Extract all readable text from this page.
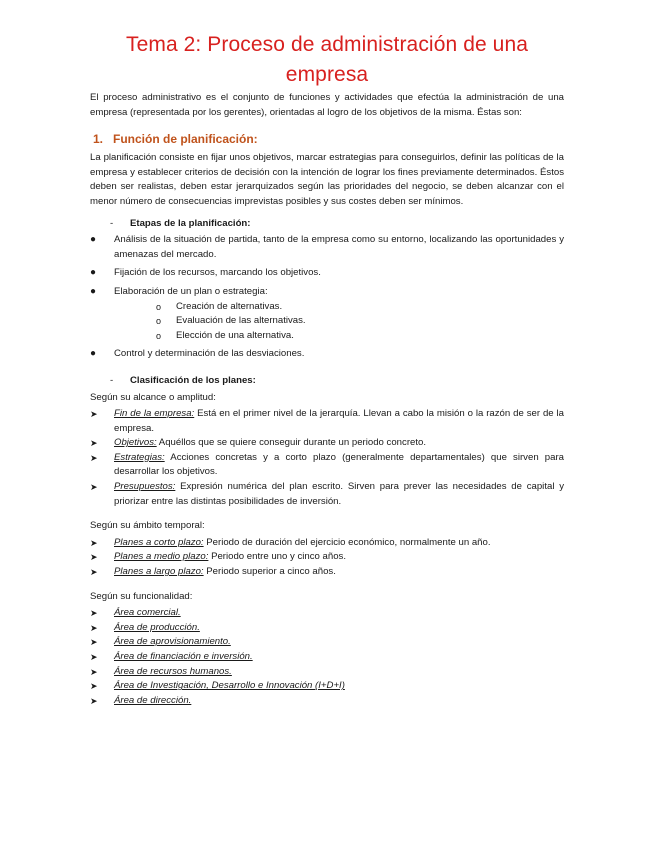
Tema 2: Proceso de administración de una empresa

El proceso administrativo es el conjunto de funciones y actividades que efectúa la administración de una empresa (representada por los gerentes), orientadas al logro de los objetivos de la misma. Éstas son:

1. Función de planificación:

La planificación consiste en fijar unos objetivos, marcar estrategias para conseguirlos, definir las políticas de la empresa y establecer criterios de decisión con la intención de lograr los fines previamente determinados. Éstos deben ser realistas, deben estar jerarquizados según las prioridades del negocio, se deben alcanzar con el menor número de consecuencias imprevistas posibles y sus costes deben ser mínimos.

- Etapas de la planificación:
● Análisis de la situación de partida, tanto de la empresa como su entorno, localizando las oportunidades y amenazas del mercado.
● Fijación de los recursos, marcando los objetivos.
● Elaboración de un plan o estrategia:
o Creación de alternativas.
o Evaluación de las alternativas.
o Elección de una alternativa.
● Control y determinación de las desviaciones.
- Clasificación de los planes:
Según su alcance o amplitud:
➤ Fin de la empresa: Está en el primer nivel de la jerarquía. Llevan a cabo la misión o la razón de ser de la empresa.
➤ Objetivos: Aquéllos que se quiere conseguir durante un periodo concreto.
➤ Estrategias: Acciones concretas y a corto plazo (generalmente departamentales) que sirven para desarrollar los objetivos.
➤ Presupuestos: Expresión numérica del plan escrito. Sirven para prever las necesidades de capital y priorizar entre las distintas posibilidades de inversión.
Según su ámbito temporal:
➤ Planes a corto plazo: Periodo de duración del ejercicio económico, normalmente un año.
➤ Planes a medio plazo: Periodo entre uno y cinco años.
➤ Planes a largo plazo: Periodo superior a cinco años.
Según su funcionalidad:
➤ Área comercial.
➤ Área de producción.
➤ Área de aprovisionamiento.
➤ Área de financiación e inversión.
➤ Área de recursos humanos.
➤ Área de Investigación, Desarrollo e Innovación (I+D+I)
➤ Área de dirección.
